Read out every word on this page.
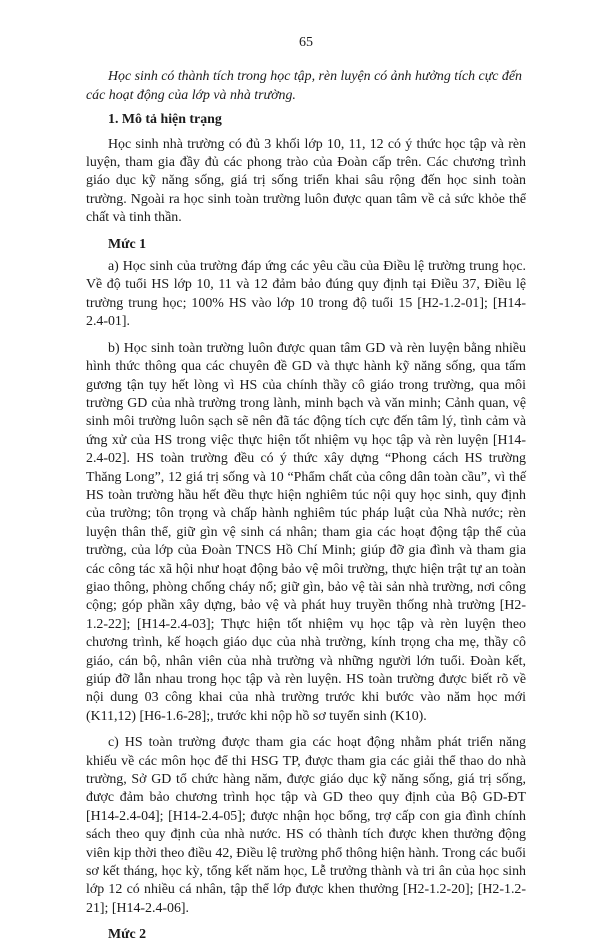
65

Học sinh có thành tích trong học tập, rèn luyện có ảnh hưởng tích cực đến các hoạt động của lớp và nhà trường.

1. Mô tả hiện trạng

Học sinh nhà trường có đủ 3 khối lớp 10, 11, 12 có ý thức học tập và rèn luyện, tham gia đầy đủ các phong trào của Đoàn cấp trên. Các chương trình giáo dục kỹ năng sống, giá trị sống triển khai sâu rộng đến học sinh toàn trường. Ngoài ra học sinh toàn trường luôn được quan tâm về cả sức khỏe thể chất và tinh thần.

Mức 1

a) Học sinh của trường đáp ứng các yêu cầu của Điều lệ trường trung học. Về độ tuổi HS lớp 10, 11 và 12 đảm bảo đúng quy định tại Điều 37, Điều lệ trường trung học; 100% HS vào lớp 10 trong độ tuổi 15 [H2-1.2-01]; [H14-2.4-01].

b) Học sinh toàn trường luôn được quan tâm GD và rèn luyện bằng nhiều hình thức thông qua các chuyên đề GD và thực hành kỹ năng sống, qua tấm gương tận tụy hết lòng vì HS của chính thầy cô giáo trong trường, qua môi trường GD của nhà trường trong lành, minh bạch và văn minh; Cảnh quan, vệ sinh môi trường luôn sạch sẽ nên đã tác động tích cực đến tâm lý, tình cảm và ứng xử của HS trong việc thực hiện tốt nhiệm vụ học tập và rèn luyện [H14-2.4-02]. HS toàn trường đều có ý thức xây dựng “Phong cách HS trường Thăng Long”, 12 giá trị sống và 10 “Phẩm chất của công dân toàn cầu”, vì thế HS toàn trường hầu hết đều thực hiện nghiêm túc nội quy học sinh, quy định của trường; tôn trọng và chấp hành nghiêm túc pháp luật của Nhà nước; rèn luyện thân thể, giữ gìn vệ sinh cá nhân; tham gia các hoạt động tập thể của trường, của lớp của Đoàn TNCS Hồ Chí Minh; giúp đỡ gia đình và tham gia các công tác xã hội như hoạt động bảo vệ môi trường, thực hiện trật tự an toàn giao thông, phòng chống cháy nổ; giữ gìn, bảo vệ tài sản nhà trường, nơi công cộng; góp phần xây dựng, bảo vệ và phát huy truyền thống nhà trường [H2-1.2-22]; [H14-2.4-03]; Thực hiện tốt nhiệm vụ học tập và rèn luyện theo chương trình, kế hoạch giáo dục của nhà trường, kính trọng cha mẹ, thầy cô giáo, cán bộ, nhân viên của nhà trường và những người lớn tuổi. Đoàn kết, giúp đỡ lẫn nhau trong học tập và rèn luyện. HS toàn trường được biết rõ về nội dung 03 công khai của nhà trường trước khi bước vào năm học mới (K11,12) [H6-1.6-28];, trước khi nộp hồ sơ tuyển sinh (K10).

c) HS toàn trường được tham gia các hoạt động nhằm phát triển năng khiếu về các môn học để thi HSG TP, được tham gia các giải thể thao do nhà trường, Sở GD tổ chức hàng năm, được giáo dục kỹ năng sống, giá trị sống, được đảm bảo chương trình học tập và GD theo quy định của Bộ GD-ĐT [H14-2.4-04]; [H14-2.4-05]; được nhận học bổng, trợ cấp con gia đình chính sách theo quy định của nhà nước. HS có thành tích được khen thưởng động viên kịp thời theo điều 42, Điều lệ trường phổ thông hiện hành. Trong các buổi sơ kết tháng, học kỳ, tổng kết năm học, Lễ trưởng thành và tri ân của học sinh lớp 12 có nhiều cá nhân, tập thể lớp được khen thưởng [H2-1.2-20]; [H2-1.2-21]; [H14-2.4-06].

Mức 2
